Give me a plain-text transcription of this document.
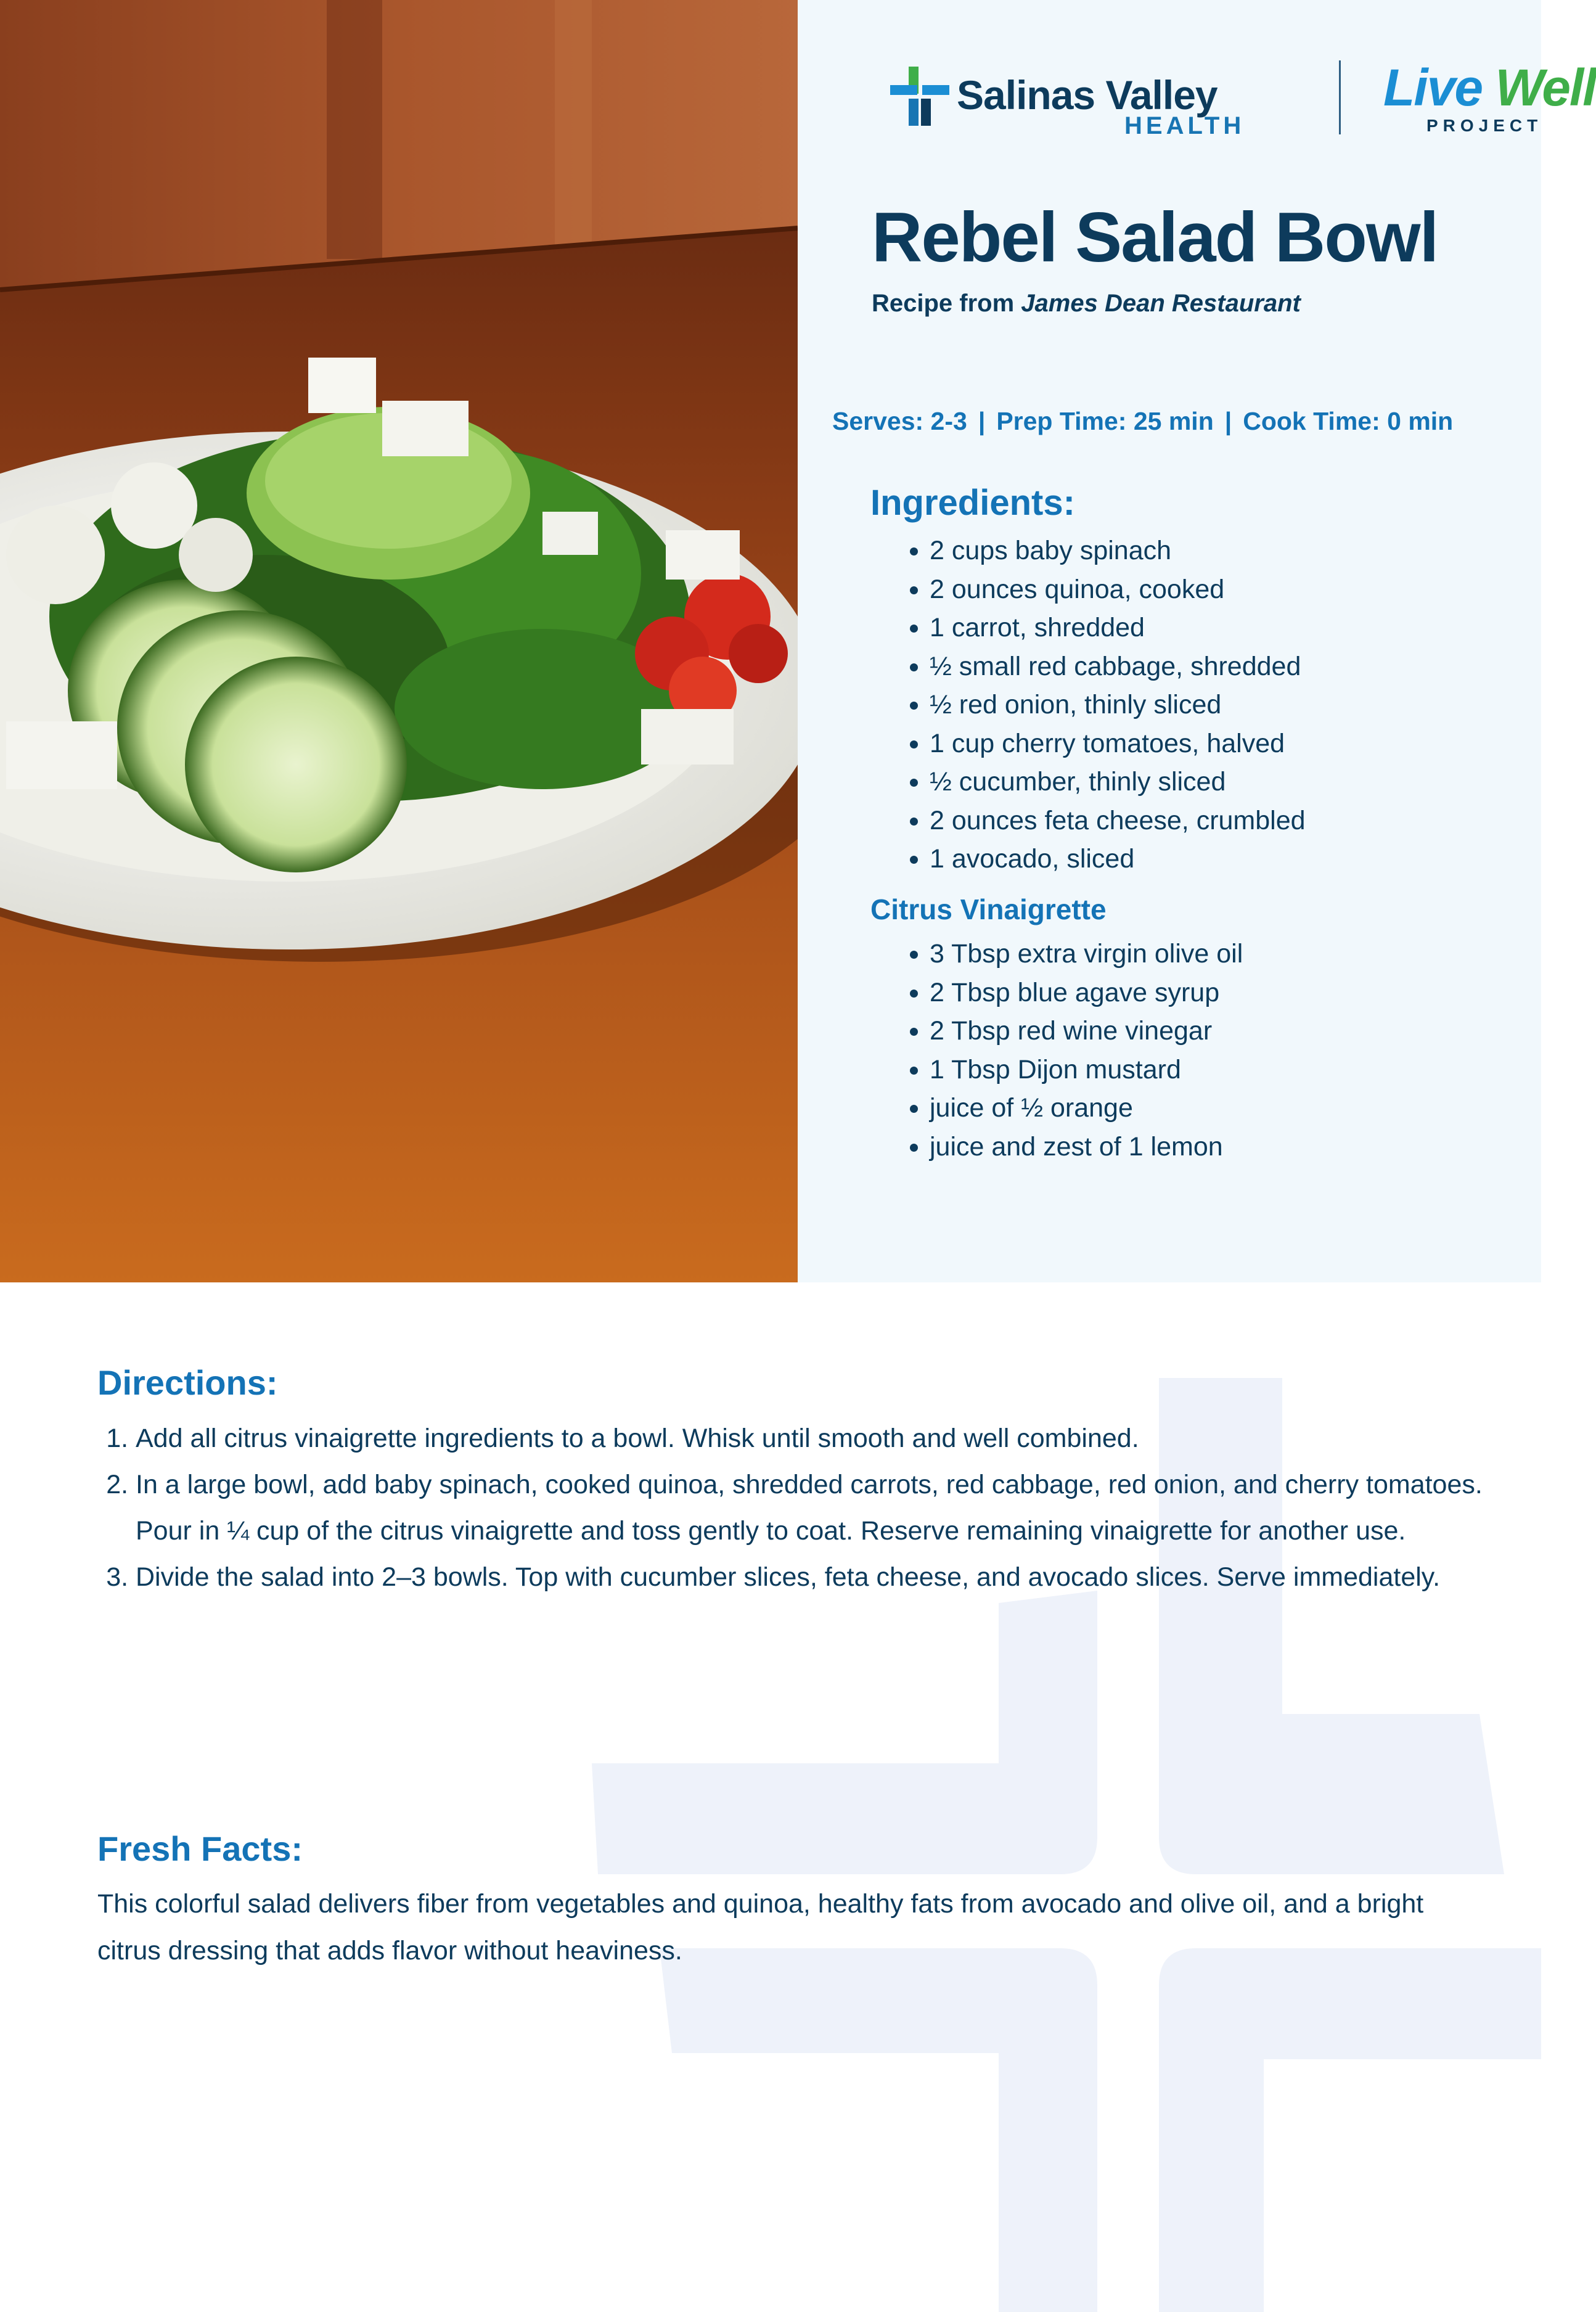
Salinas Valley
HEALTH
Live Well
PROJECT
Rebel Salad Bowl
Recipe from James Dean Restaurant
Serves: 2-3 | Prep Time: 25 min | Cook Time: 0 min
Ingredients:
• 2 cups baby spinach
• 2 ounces quinoa, cooked
• 1 carrot, shredded
• ½ small red cabbage, shredded
• ½ red onion, thinly sliced
• 1 cup cherry tomatoes, halved
• ½ cucumber, thinly sliced
• 2 ounces feta cheese, crumbled
• 1 avocado, sliced
Citrus Vinaigrette
• 3 Tbsp extra virgin olive oil
• 2 Tbsp blue agave syrup
• 2 Tbsp red wine vinegar
• 1 Tbsp Dijon mustard
• juice of ½ orange
• juice and zest of 1 lemon
Directions:
1. Add all citrus vinaigrette ingredients to a bowl. Whisk until smooth and well combined.
2. In a large bowl, add baby spinach, cooked quinoa, shredded carrots, red cabbage, red onion, and cherry tomatoes. Pour in ¼ cup of the citrus vinaigrette and toss gently to coat. Reserve remaining vinaigrette for another use.
3. Divide the salad into 2–3 bowls. Top with cucumber slices, feta cheese, and avocado slices. Serve immediately.
Fresh Facts:

This colorful salad delivers fiber from vegetables and quinoa, healthy fats from avocado and olive oil, and a bright citrus dressing that adds flavor without heaviness.
